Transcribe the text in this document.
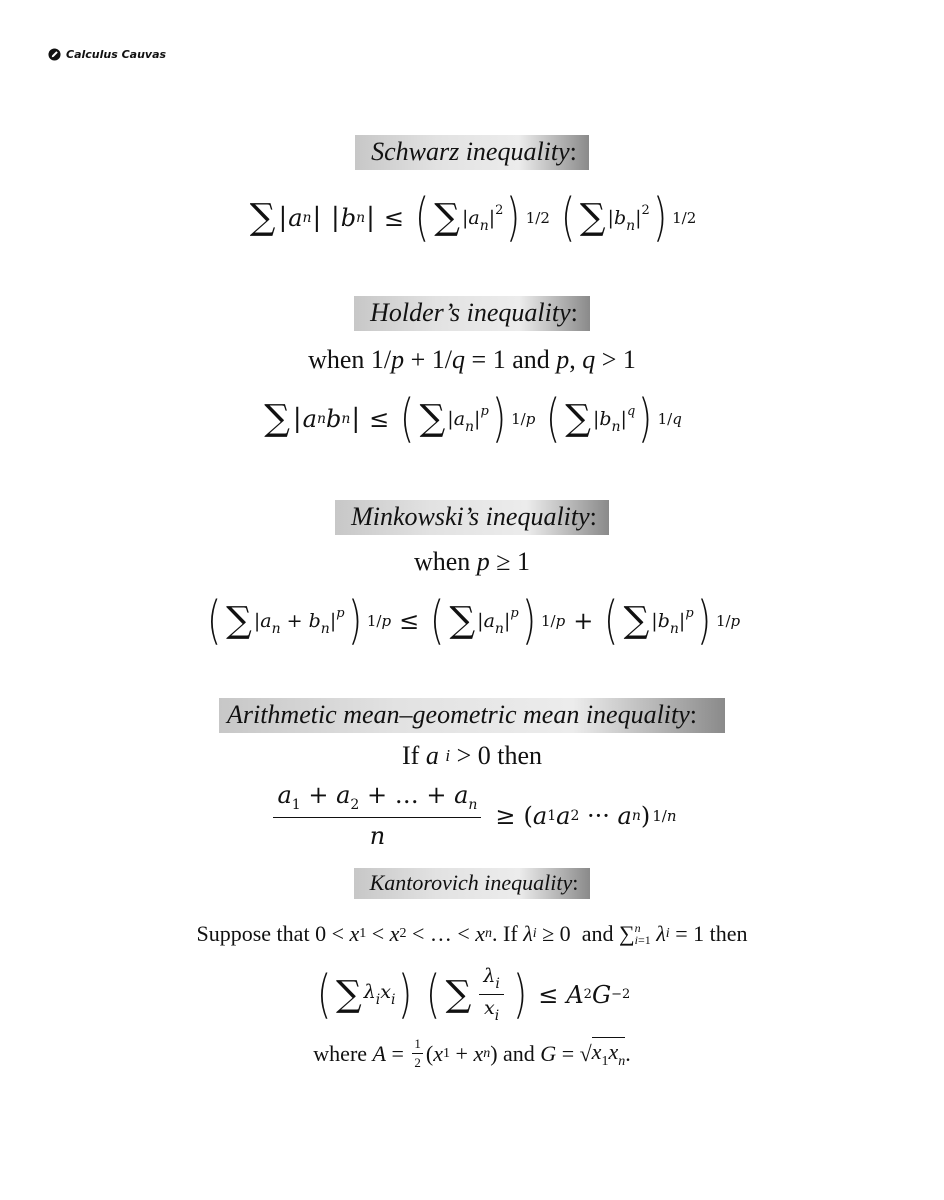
Calculus Cauvas
Schwarz inequality:
∑ | a n |
| b n | ≤ ( ∑ $|a_n|^2$ ) 1/2
( ∑ $|b_n|^2$ ) 1/2
Holder’s inequality:
when 1/ p + 1/ q = 1 and
p , q > 1
∑ | a n b n | ≤ ( ∑ $|a_n|^p$ ) 1/p
( ∑ $|b_n|^q$ ) 1/q
Minkowski’s inequality:
when
p ≥ 1
( ∑ $|a_n + b_n|^p$ ) 1/p ≤ ( ∑ $|a_n|^p$ ) 1/p + ( ∑ $|b_n|^p$ ) 1/p
Arithmetic mean–geometric mean inequality:
If
a
i > 0 then
$\frac{a_1 + a_2 + \dots + a_n}{n}$ ≥ ( a 1 a 2 ··· a n ) 1/n
Kantorovich inequality:
Suppose that 0 < x 1 < x 2 < … < x n . If
λ i ≥ 0 and ∑ n
i=1
λ i = 1 then
( ∑ $\lambda_ix_i$ )
( ∑ $\frac{\lambda_i}{x_i}$ ) ≤ A 2 G −2
where
$A = \frac{1}{2}$ ( x 1 + x n ) and
G = √ $x_1x_n$ .
